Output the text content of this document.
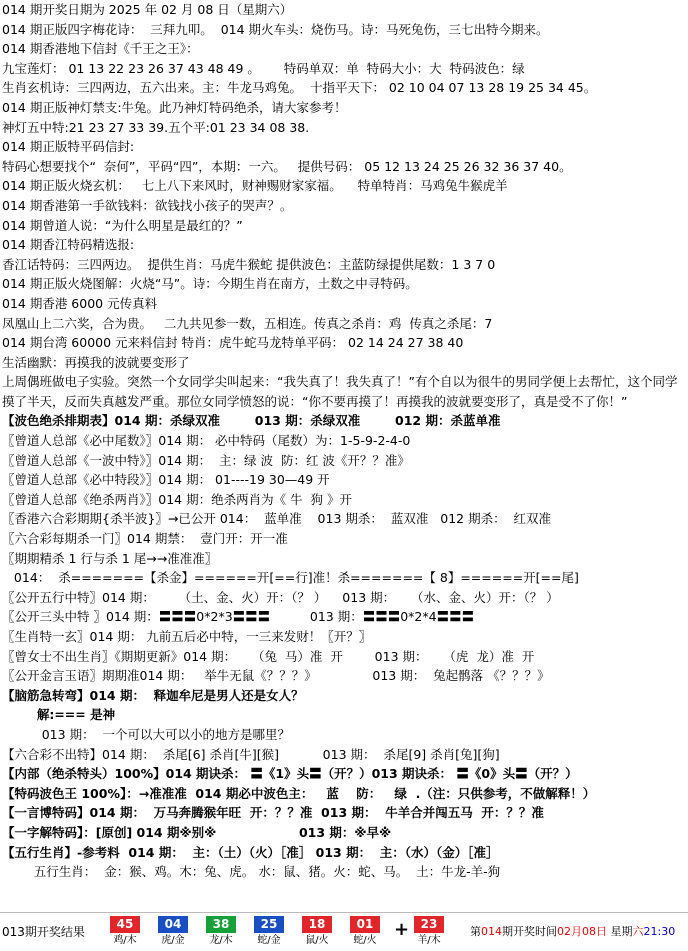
014 期开奖日期为 2025 年 02 月 08 日（星期六）
014 期正版四字梅花诗：  三拜九叩。  014 期火车头：烧伤马。诗：马死兔伤，三七出特今期来。
014 期香港地下信封《千王之王》：
九宝莲灯： 01 13 22 23 26 37 43 48 49 。      特码单双：单  特码大小：大  特码波色：绿
生肖玄机诗：三四两边，五六出来。主：牛龙马鸡兔。  十指平天下： 02 10 04 07 13 28 19 25 34 45。
014 期正版神灯禁支:牛兔。此乃神灯特码绝杀，请大家参考！
神灯五中特:21 23 27 33 39.五个平:01 23 34 08 38.
014 期正版特平码信封:
特码心想要找个“  奈何”，平码“四”，本期：一六。   提供号码： 05 12 13 24 25 26 32 36 37 40。
014 期正版火烧玄机：   七上八下来风时，财神赐财家家福。    特单特肖：马鸡兔牛猴虎羊
014 期香港第一手欲钱料：欲钱找小孩子的哭声？。
014 期曾道人说：“为什么明星是最红的？”
014 期香江特码精选报:
香江话特码：三四两边。  提供生肖：马虎牛猴蛇 提供波色：主蓝防绿提供尾数：1 3 7 0
014 期正版火烧图解：火烧“马”。诗：今期生肖在南方，土数之中寻特码。
014 期香港 6000 元传真料
凤凰山上二六奖，合为贵。   二九共见参一数，五相连。传真之杀肖：鸡  传真之杀尾：7
014 期台湾 60000 元来料信封 特肖：虎牛蛇马龙特单平码： 02 14 24 27 38 40
生活幽默：再摸我的波就要变形了
上周偶班做电子实验。突然一个女同学尖叫起来：“我失真了！我失真了！”有个自以为很牛的男同学便上去帮忙，这个同学摸了半天，反而失真越发严重。那位女同学愤怒的说：“你不要再摸了！再摸我的波就要变形了，真是受不了你！”
【波色绝杀排期表】014 期：杀绿双准        013 期：杀绿双准        012 期：杀蓝单准
〖曾道人总部《必中尾数》〗014 期： 必中特码（尾数）为：1-5-9-2-4-0
〖曾道人总部《一波中特》〗014 期：  主：绿 波  防：红 波《开？？准》
〖曾道人总部《必中特段》〗014 期： 01----19 30—49 开
〖曾道人总部《绝杀两肖》〗014 期：绝杀两肖为《 牛  狗 》开
〖香港六合彩期期{杀半波}〗→已公开 014：  蓝单准    013 期杀：  蓝双准   012 期杀：  红双准
〖六合彩每期杀一门〗014 期禁：  壹门开：开一准
〖期期精杀 1 行与杀 1 尾→→准准准〗
014：  杀=======【杀金】======开[==行]准！杀=======【 8】======开[==尾]
〖公开五行中特〗014 期：      （土、金、火）开：（？ ）    013 期：    （水、金、火）开：（？ ）
〖公开三头中特 〗014 期：〓〓〓0*2*3〓〓〓          013 期：〓〓〓0*2*4〓〓〓
〖生肖特一玄〗014 期： 九前五后必中特，一三来发财！〖开？〗
〖曾女士不出生肖〗《期期更新》014 期：    （兔  马）准  开        013 期：    （虎  龙）准  开
〖公开金言玉语〗期期准014 期：   举牛无鼠《？？？》              013 期：  兔起鹘落 《？？？》
【脑筋急转弯】014 期：  释迦牟尼是男人还是女人？
解:=== 是神
013 期：  一个可以大可以小的地方是哪里？
【六合彩不出特】014 期：  杀尾[6] 杀肖[牛][猴]           013 期：  杀尾[9] 杀肖[兔][狗]
【内部（绝杀特头）100%】014 期诀杀： 〓《1》头〓（开？）013 期诀杀： 〓《0》头〓（开？）
【特码波色王 100%】：→准准准  014 期必中波色主：   蓝    防：   绿  .（注：只供参考，不做解释！）
【一言博特码】014 期：  万马奔腾猴年旺  开：？？准  013 期：  牛羊合并闯五马  开：？？准
【一字解特码】：[原创] 014 期※别※                   013 期：※早※
【五行生肖】-参考料  014 期：  主：（土）（火）［准］ 013 期：  主：（水）（金）［准］
五行生肖：  金：猴、鸡。木：兔、虎。 水：鼠、猪。火：蛇、马。  土：牛龙-羊-狗
013期开奖结果
45
鸡/木
04
虎/金
38
龙/木
25
蛇/金
18
鼠/火
01
蛇/火
+ 23
羊/木
第014期开奖时间02月08日 星期六21:30
